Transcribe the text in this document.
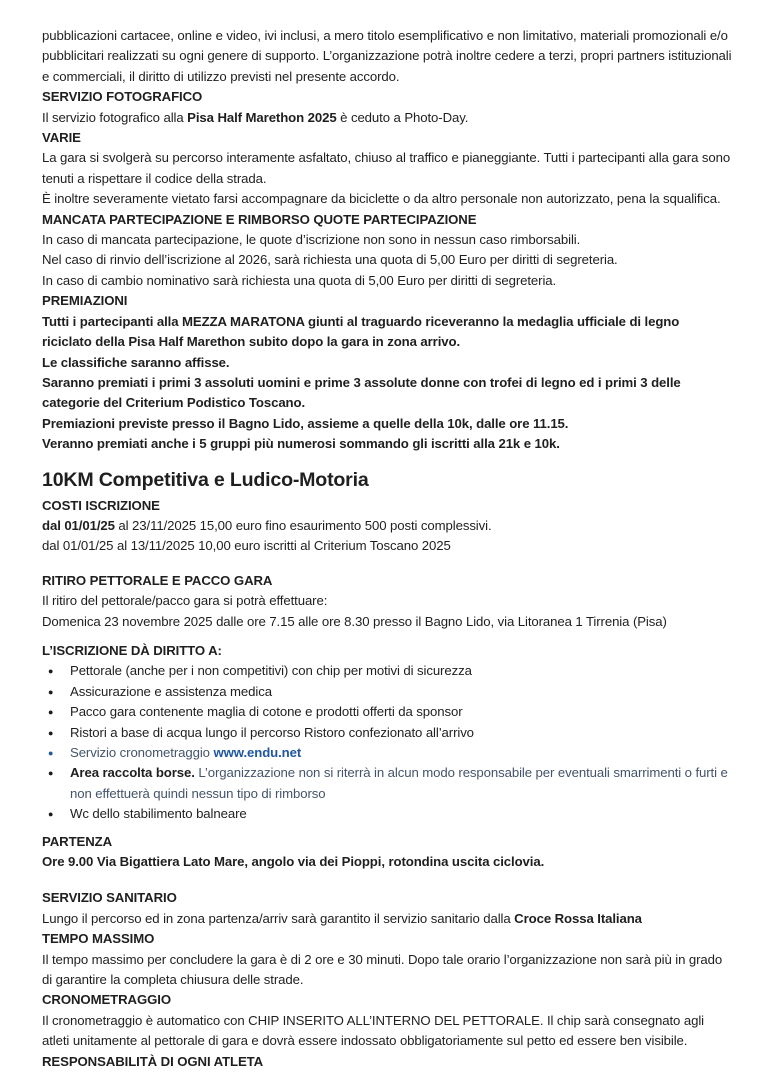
pubblicazioni cartacee, online e video, ivi inclusi, a mero titolo esemplificativo e non limitativo, materiali promozionali e/o pubblicitari realizzati su ogni genere di supporto. L’organizzazione potrà inoltre cedere a terzi, propri partners istituzionali e commerciali, il diritto di utilizzo previsti nel presente accordo.
SERVIZIO FOTOGRAFICO
Il servizio fotografico alla Pisa Half Marethon 2025 è ceduto a Photo-Day.
VARIE
La gara si svolgerà su percorso interamente asfaltato, chiuso al traffico e pianeggiante. Tutti i partecipanti alla gara sono tenuti a rispettare il codice della strada.
È inoltre severamente vietato farsi accompagnare da biciclette o da altro personale non autorizzato, pena la squalifica.
MANCATA PARTECIPAZIONE E RIMBORSO QUOTE PARTECIPAZIONE
In caso di mancata partecipazione, le quote d’iscrizione non sono in nessun caso rimborsabili.
Nel caso di rinvio dell’iscrizione al 2026, sarà richiesta una quota di 5,00 Euro per diritti di segreteria.
In caso di cambio nominativo sarà richiesta una quota di 5,00 Euro per diritti di segreteria.
PREMIAZIONI
Tutti i partecipanti alla MEZZA MARATONA giunti al traguardo riceveranno la medaglia ufficiale di legno riciclato della Pisa Half Marethon subito dopo la gara in zona arrivo.
Le classifiche saranno affisse.
Saranno premiati i primi 3 assoluti uomini e prime 3 assolute donne con trofei di legno ed i primi 3 delle categorie del Criterium Podistico Toscano.
Premiazioni previste presso il Bagno Lido, assieme a quelle della 10k, dalle ore 11.15.
Veranno premiati anche i 5 gruppi più numerosi sommando gli iscritti alla 21k e 10k.
10KM Competitiva e Ludico-Motoria
COSTI ISCRIZIONE
dal 01/01/25 al 23/11/2025 15,00 euro fino esaurimento 500 posti complessivi.
dal 01/01/25 al 13/11/2025 10,00 euro iscritti al Criterium Toscano 2025
RITIRO PETTORALE E PACCO GARA
Il ritiro del pettorale/pacco gara si potrà effettuare:
Domenica 23 novembre 2025 dalle ore 7.15 alle ore 8.30 presso il Bagno Lido, via Litoranea 1 Tirrenia (Pisa)
L’ISCRIZIONE DÀ DIRITTO A:
●	Pettorale (anche per i non competitivi) con chip per motivi di sicurezza
●	Assicurazione e assistenza medica
●	Pacco gara contenente maglia di cotone e prodotti offerti da sponsor
●	Ristori a base di acqua lungo il percorso Ristoro confezionato all’arrivo
●	Servizio cronometraggio www.endu.net
●	Area raccolta borse. L’organizzazione non si riterrà in alcun modo responsabile per eventuali smarrimenti o furti e non effettuerà quindi nessun tipo di rimborso
●	Wc dello stabilimento balneare
PARTENZA
Ore 9.00 Via Bigattiera Lato Mare, angolo via dei Pioppi, rotondina uscita ciclovia.
SERVIZIO SANITARIO
Lungo il percorso ed in zona partenza/arriv sarà garantito il servizio sanitario dalla Croce Rossa Italiana
TEMPO MASSIMO
Il tempo massimo per concludere la gara è di 2 ore e 30 minuti. Dopo tale orario l’organizzazione non sarà più in grado di garantire la completa chiusura delle strade.
CRONOMETRAGGIO
Il cronometraggio è automatico con CHIP INSERITO ALL’INTERNO DEL PETTORALE. Il chip sarà consegnato agli atleti unitamente al pettorale di gara e dovrà essere indossato obbligatoriamente sul petto ed essere ben visibile.
RESPONSABILITÀ DI OGNI ATLETA
